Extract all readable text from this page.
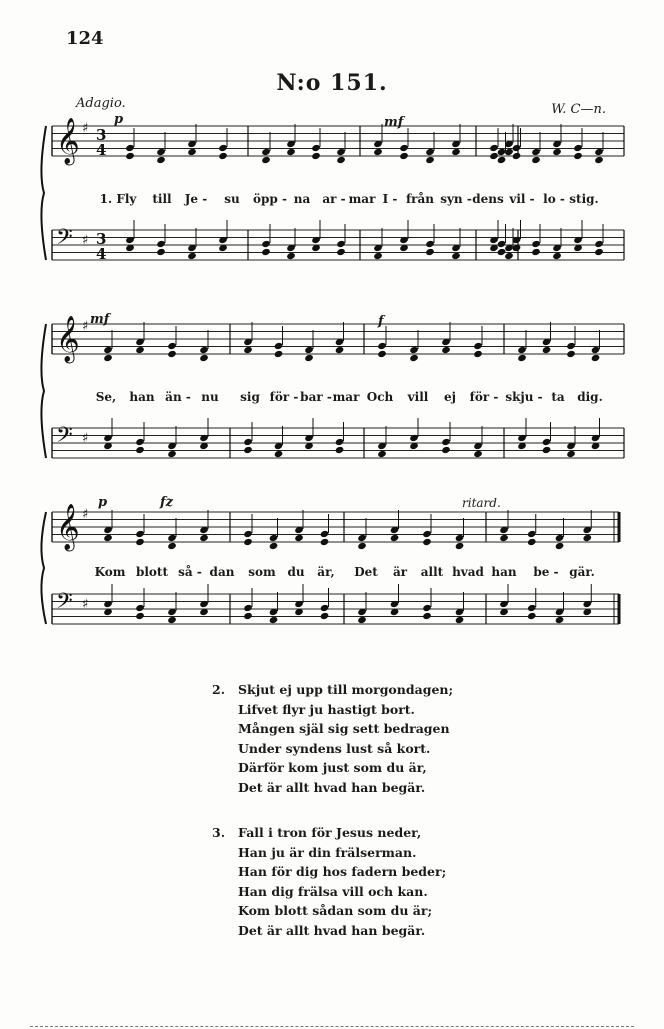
124
N:o 151.
Adagio.	W. C—n.
𝄞 ♯ 3
4
𝄢 ♯ 3
4
p	mf
1. Fly till Je - su öpp - na ar - mar I - från syn - dens vil - lo - stig.
𝄞 ♯
𝄢 ♯
mf	f
Se, han än - nu sig för - bar - mar Och vill ej för - skju - ta dig.
𝄞 ♯
𝄢 ♯
p	fz	ritard.
Kom blott så - dan som du är, Det är allt hvad han be - gär.
2. Skjut ej upp till morgondagen;
Lifvet flyr ju hastigt bort.
Mången själ sig sett bedragen
Under syndens lust så kort.
Därför kom just som du är,
Det är allt hvad han begär.
3. Fall i tron för Jesus neder,
Han ju är din frälserman.
Han för dig hos fadern beder;
Han dig frälsa vill och kan.
Kom blott sådan som du är;
Det är allt hvad han begär.
